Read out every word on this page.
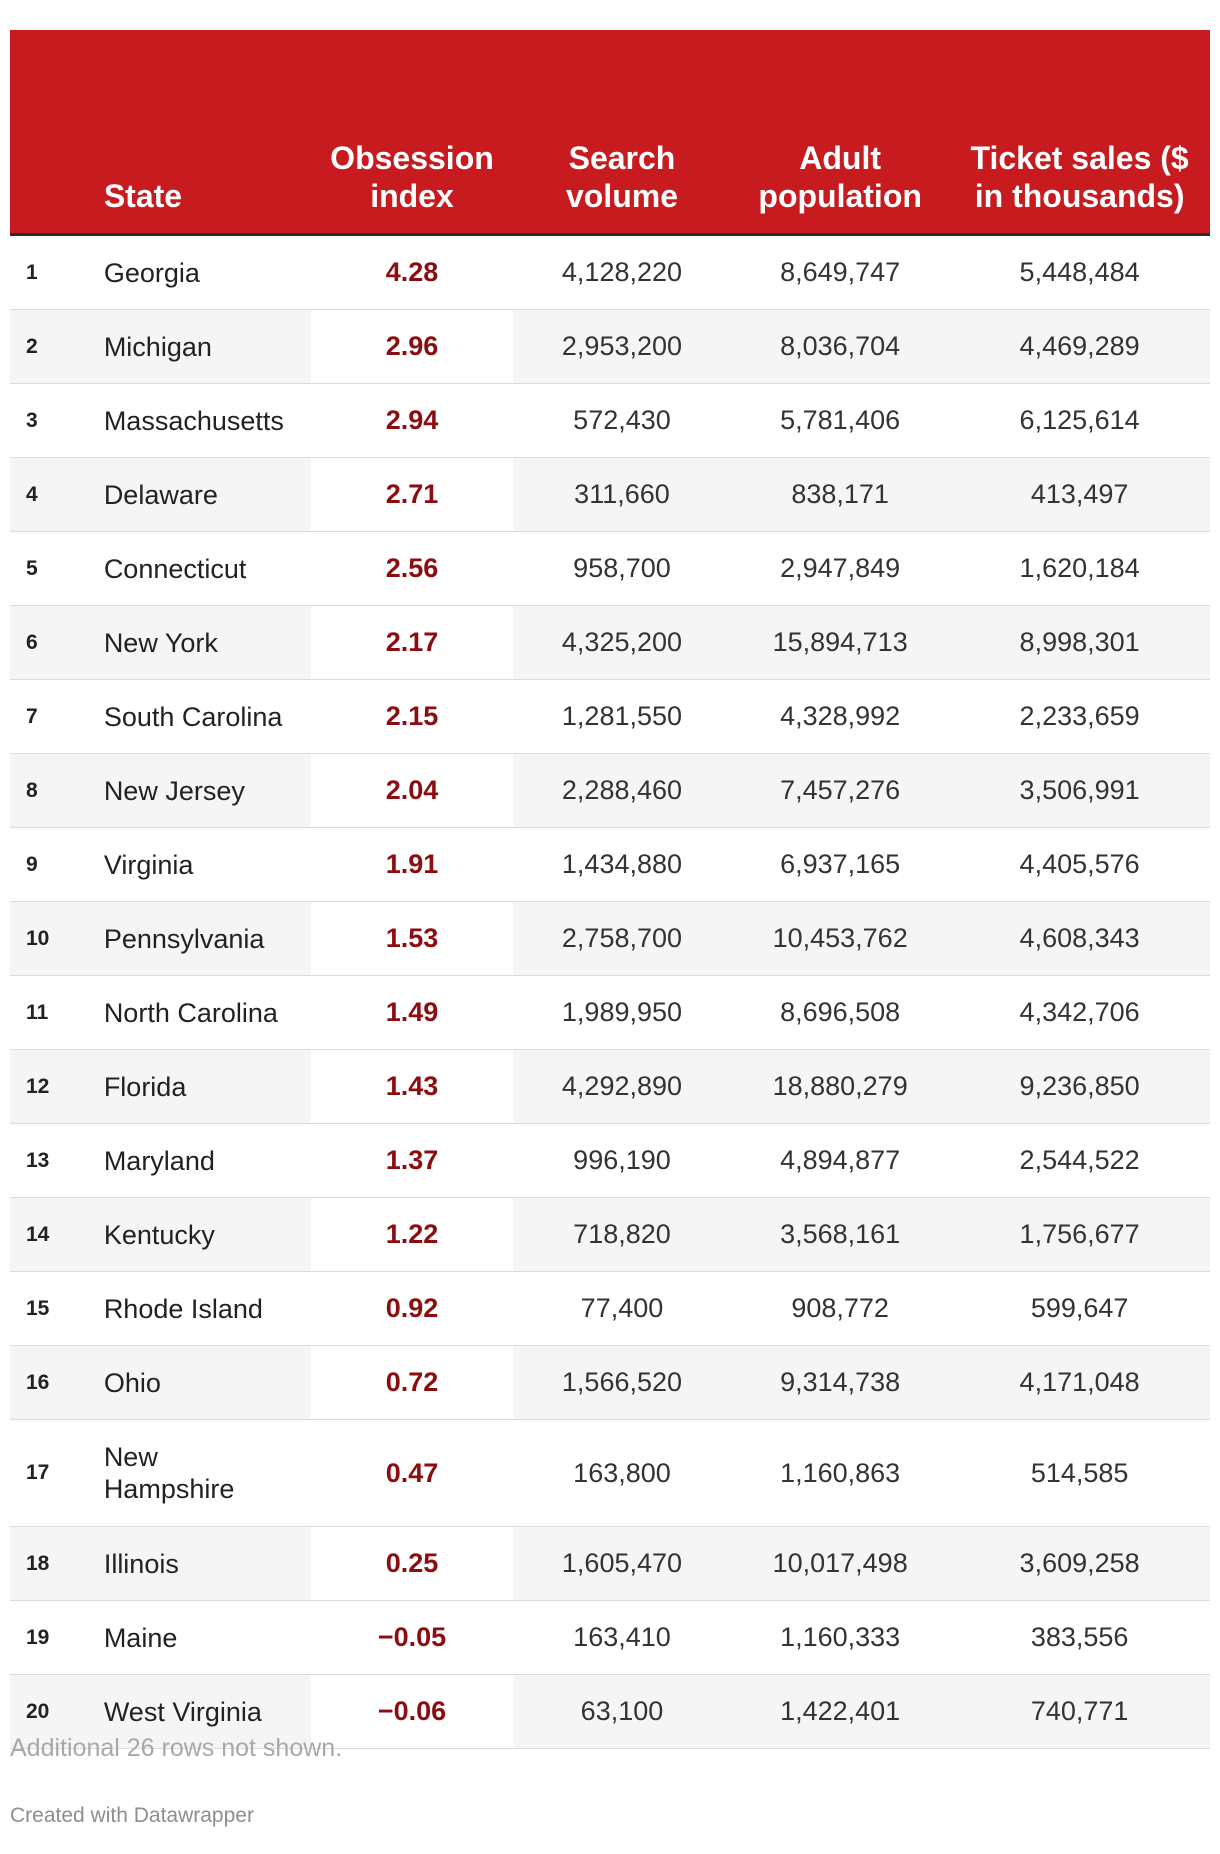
	State	Obsession index	Search volume	Adult population	Ticket sales ($ in thousands)
1	Georgia	4.28	4,128,220	8,649,747	5,448,484
2	Michigan	2.96	2,953,200	8,036,704	4,469,289
3	Massachusetts	2.94	572,430	5,781,406	6,125,614
4	Delaware	2.71	311,660	838,171	413,497
5	Connecticut	2.56	958,700	2,947,849	1,620,184
6	New York	2.17	4,325,200	15,894,713	8,998,301
7	South Carolina	2.15	1,281,550	4,328,992	2,233,659
8	New Jersey	2.04	2,288,460	7,457,276	3,506,991
9	Virginia	1.91	1,434,880	6,937,165	4,405,576
10	Pennsylvania	1.53	2,758,700	10,453,762	4,608,343
11	North Carolina	1.49	1,989,950	8,696,508	4,342,706
12	Florida	1.43	4,292,890	18,880,279	9,236,850
13	Maryland	1.37	996,190	4,894,877	2,544,522
14	Kentucky	1.22	718,820	3,568,161	1,756,677
15	Rhode Island	0.92	77,400	908,772	599,647
16	Ohio	0.72	1,566,520	9,314,738	4,171,048
17	New Hampshire	0.47	163,800	1,160,863	514,585
18	Illinois	0.25	1,605,470	10,017,498	3,609,258
19	Maine	−0.05	163,410	1,160,333	383,556
20	West Virginia	−0.06	63,100	1,422,401	740,771
Additional 26 rows not shown.
Created with Datawrapper
